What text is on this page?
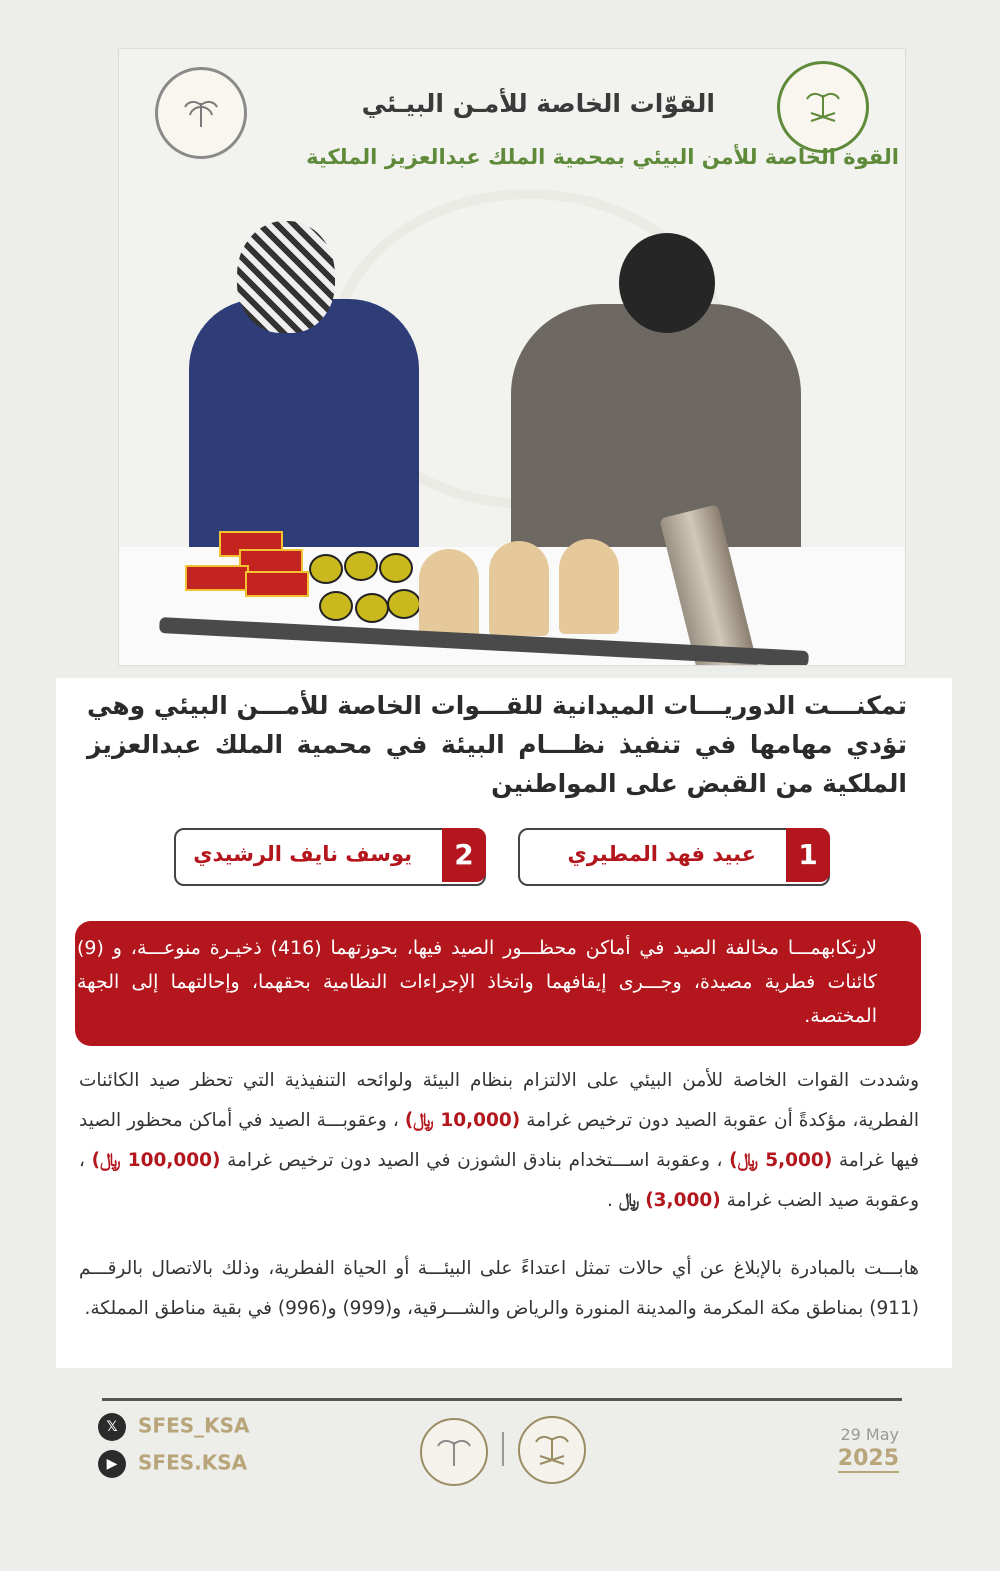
القوّات الخاصة للأمـن البيـئي
القوة الخاصة للأمن البيئي بمحمية الملك عبدالعزيز الملكية
تمكنـــت الدوريـــات الميدانية للقـــوات الخاصة للأمـــن البيئي وهي تؤدي مهامها في تنفيذ نظـــام البيئة في محمية الملك عبدالعزيز الملكية من القبض على المواطنين
1
عبيد فهد المطيري
2
يوسف نايف الرشيدي
لارتكابهمـــا مخالفة الصيد في أماكن محظـــور الصيد فيها، بحوزتهما (416) ذخيـرة منوعـــة، و (9) كائنات فطرية مصيدة، وجـــرى إيقافهما واتخاذ الإجراءات النظامية بحقهما، وإحالتهما إلى الجهة المختصة.
وشددت القوات الخاصة للأمن البيئي على الالتزام بنظام البيئة ولوائحه التنفيذية التي تحظر صيد الكائنات الفطرية، مؤكدةً أن عقوبة الصيد دون ترخيص غرامة (10,000 ﷼) ، وعقوبـــة الصيد في أماكن محظور الصيد فيها غرامة (5,000 ﷼) ، وعقوبة اســـتخدام بنادق الشوزن في الصيد دون ترخيص غرامة (100,000 ﷼) ، وعقوبة صيد الضب غرامة (3,000) ﷼ .
هابـــت بالمبادرة بالإبلاغ عن أي حالات تمثل اعتداءً على البيئـــة أو الحياة الفطرية، وذلك بالاتصال بالرقـــم (911) بمناطق مكة المكرمة والمدينة المنورة والرياض والشـــرقية، و(999) و(996) في بقية مناطق المملكة.
𝕏 SFES_KSA
▶ SFES.KSA
29 May
2025
